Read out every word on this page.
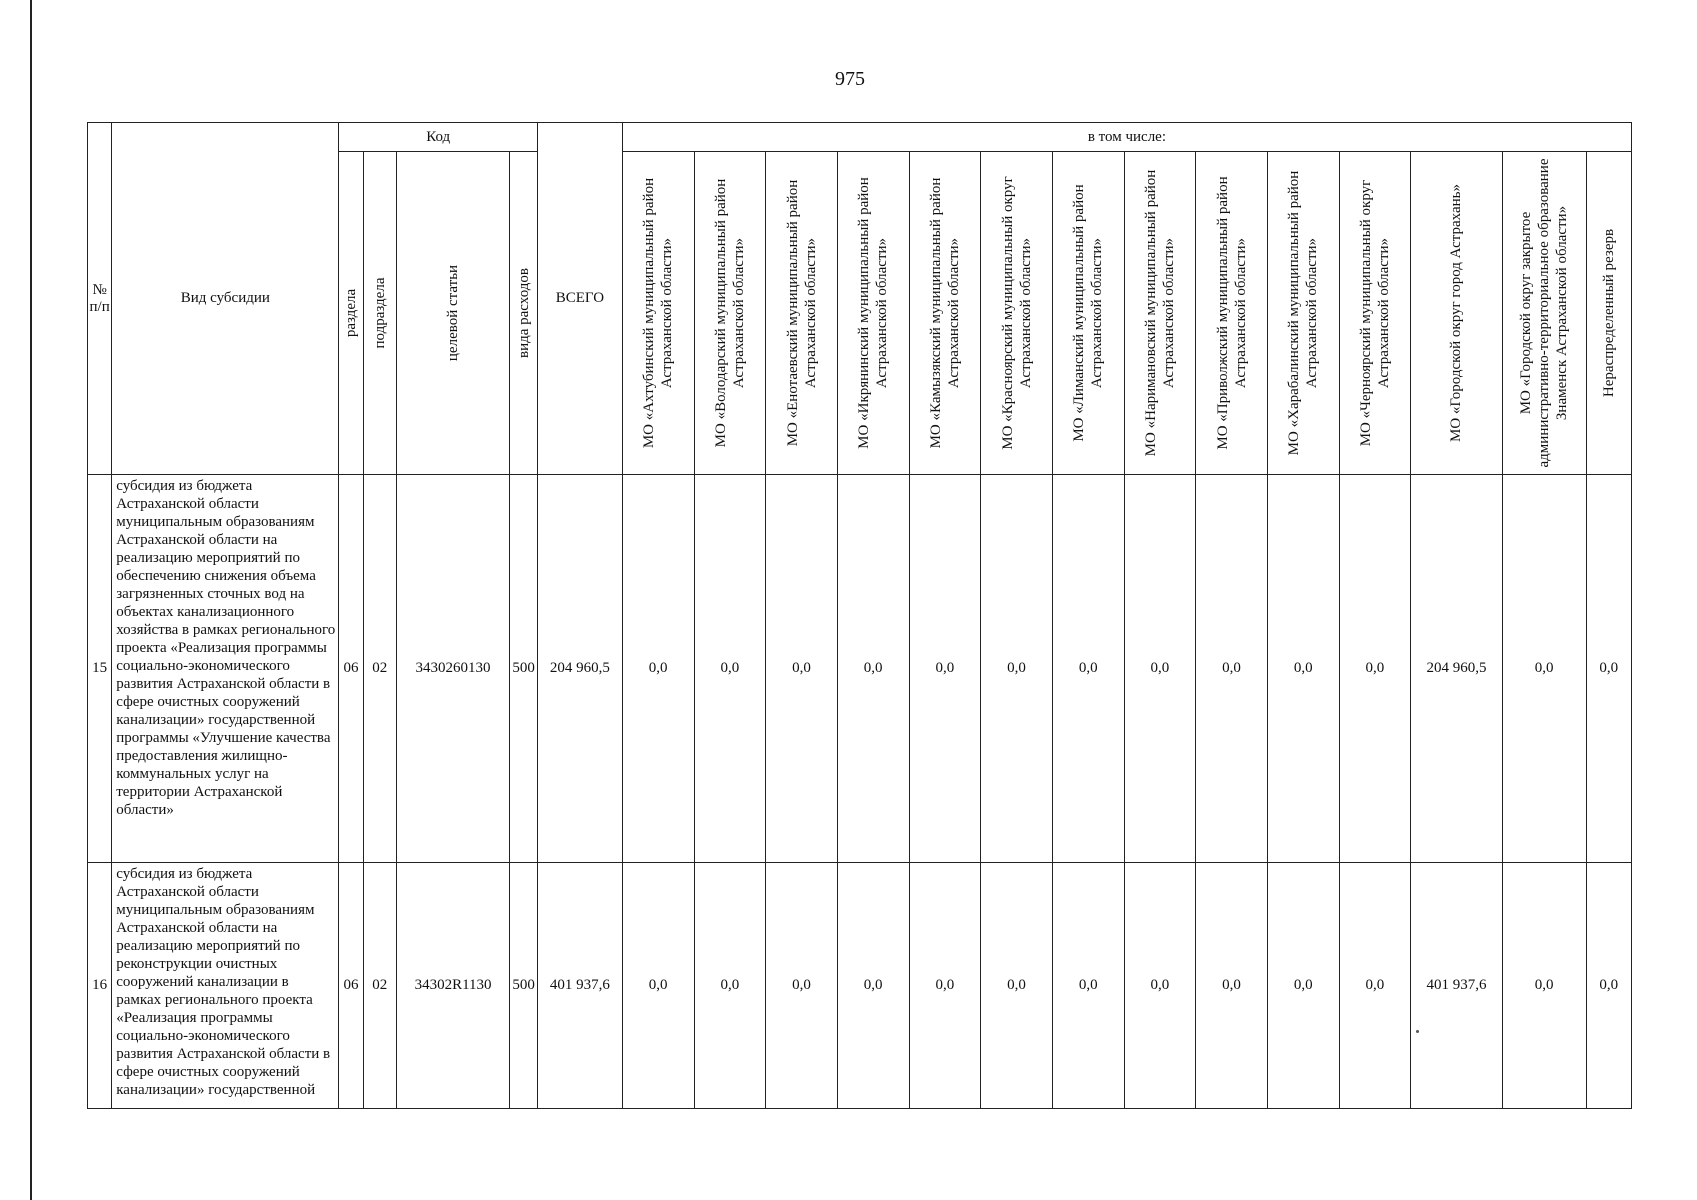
975
№ п/п	Вид субсидии	Код				ВСЕГО	в том числе:													

		раздела	подраздела	целевой статьи	вида расходов		МО «Ахтубинский муниципальный район Астраханской области»	МО «Володарский муниципальный район Астраханской области»	МО «Енотаевский муниципальный район Астраханской области»	МО «Икрянинский муниципальный район Астраханской области»	МО «Камызякский муниципальный район Астраханской области»	МО «Красноярский муниципальный округ Астраханской области»	МО «Лиманский муниципальный район Астраханской области»	МО «Наримановский муниципальный район Астраханской области»	МО «Приволжский муниципальный район Астраханской области»	МО «Харабалинский муниципальный район Астраханской области»	МО «Черноярский муниципальный округ Астраханской области»	МО «Городской округ город Астрахань»	МО «Городской округ закрытое административно-территориальное образование Знаменск Астраханской области»	Нераспределенный резерв

15	субсидия из бюджета Астраханской области муниципальным образованиям Астраханской области на реализацию мероприятий по обеспечению снижения объема загрязненных сточных вод на объектах канализационного хозяйства в рамках регионального проекта «Реализация программы социально-экономического развития Астраханской области в сфере очистных сооружений канализации» государственной программы «Улучшение качества предоставления жилищно-коммунальных услуг на территории Астраханской области»	06	02	3430260130	500	204 960,5	0,0	0,0	0,0	0,0	0,0	0,0	0,0	0,0	0,0	0,0	0,0	204 960,5	0,0	0,0
16	субсидия из бюджета Астраханской области муниципальным образованиям Астраханской области на реализацию мероприятий по реконструкции очистных сооружений канализации в рамках регионального проекта «Реализация программы социально-экономического развития Астраханской области в сфере очистных сооружений канализации» государственной	06	02	34302R1130	500	401 937,6	0,0	0,0	0,0	0,0	0,0	0,0	0,0	0,0	0,0	0,0	0,0	401 937,6	0,0	0,0
